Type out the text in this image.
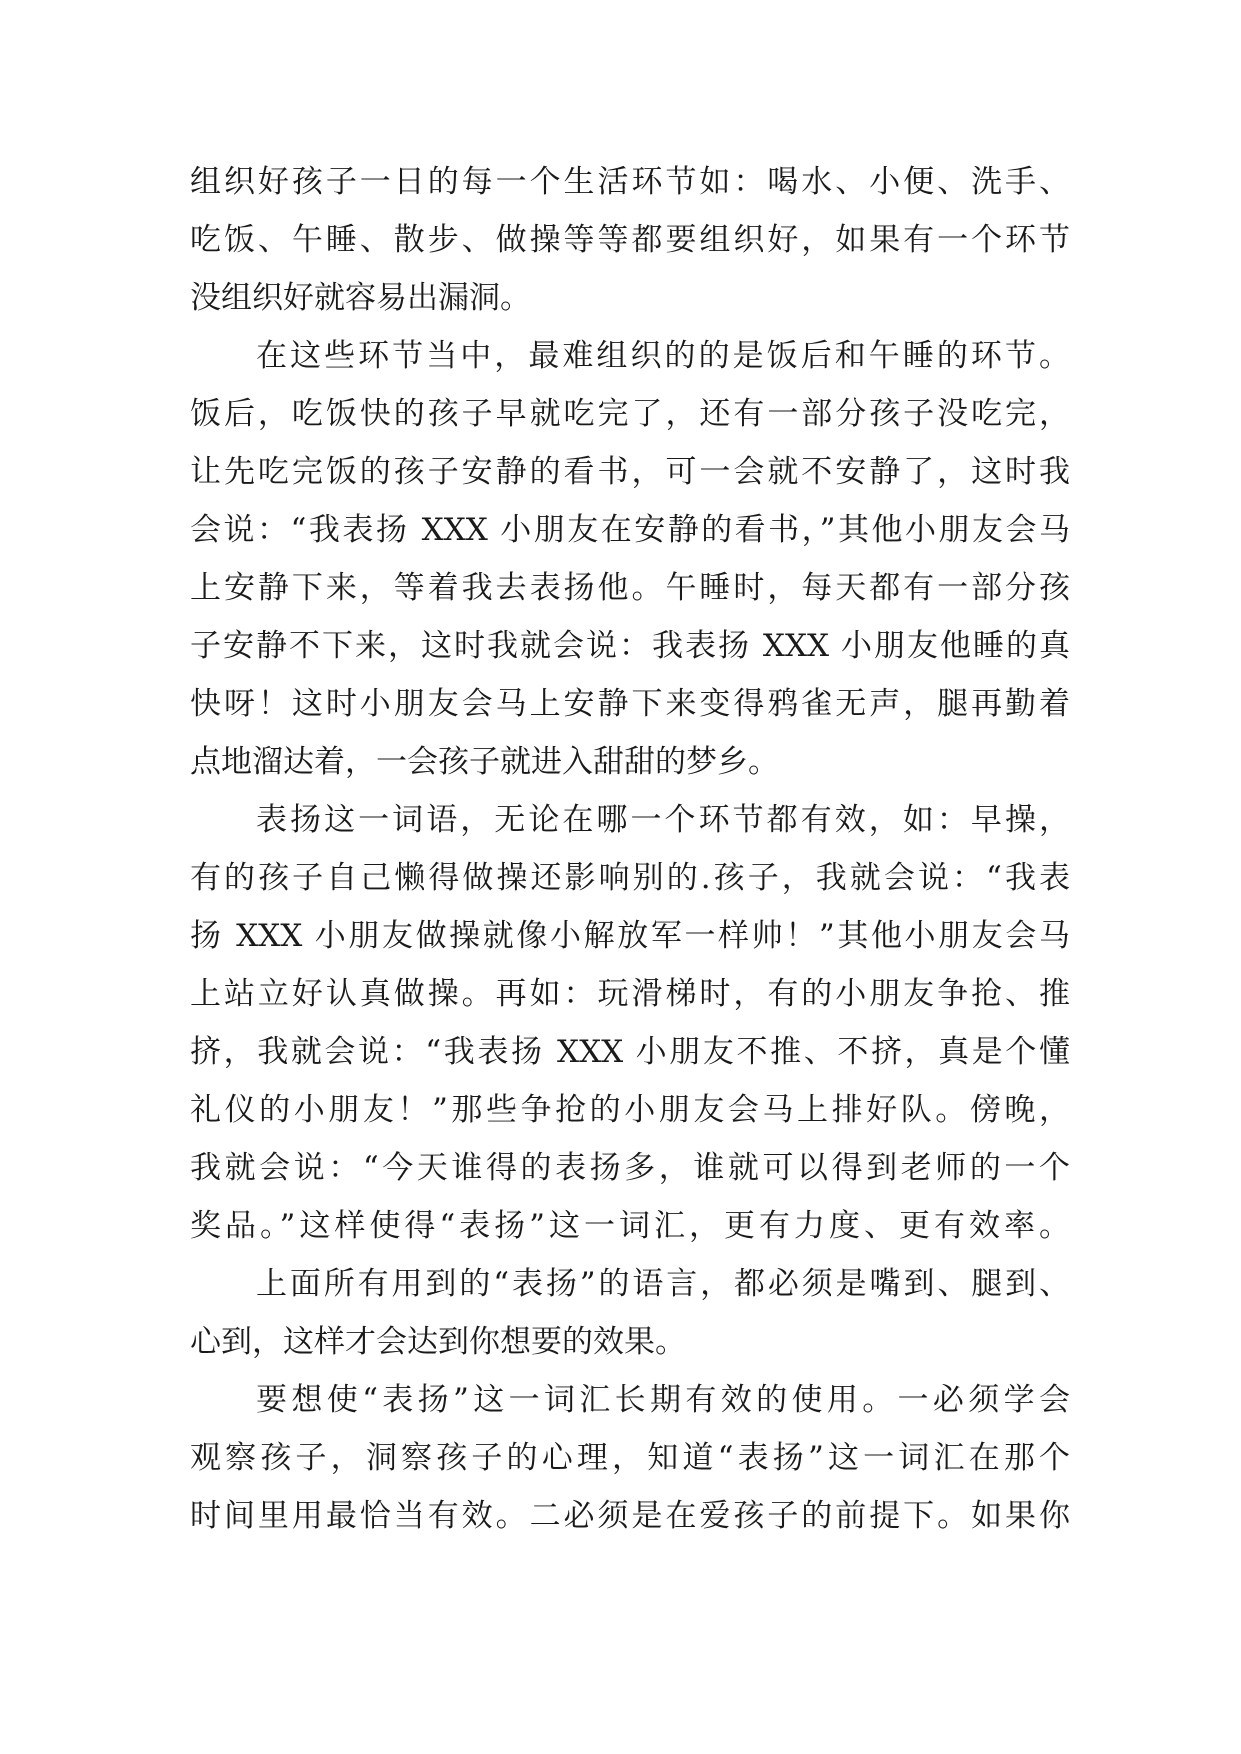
组织好孩子一日的每一个生活环节如：喝水、小便、洗手、
吃饭、午睡、散步、做操等等都要组织好，如果有一个环节
没组织好就容易出漏洞。
在这些环节当中，最难组织的的是饭后和午睡的环节。
饭后，吃饭快的孩子早就吃完了，还有一部分孩子没吃完，
让先吃完饭的孩子安静的看书，可一会就不安静了，这时我
会说：“我表扬 XXX 小朋友在安静的看书，”其他小朋友会马
上安静下来，等着我去表扬他。午睡时，每天都有一部分孩
子安静不下来，这时我就会说：我表扬 XXX 小朋友他睡的真
快呀！这时小朋友会马上安静下来变得鸦雀无声，腿再勤着
点地溜达着，一会孩子就进入甜甜的梦乡。
表扬这一词语，无论在哪一个环节都有效，如：早操，
有的孩子自己懒得做操还影响别的.孩子，我就会说：“我表
扬 XXX 小朋友做操就像小解放军一样帅！”其他小朋友会马
上站立好认真做操。再如：玩滑梯时，有的小朋友争抢、推
挤，我就会说：“我表扬 XXX 小朋友不推、不挤，真是个懂
礼仪的小朋友！”那些争抢的小朋友会马上排好队。傍晚，
我就会说：“今天谁得的表扬多，谁就可以得到老师的一个
奖品。”这样使得“表扬”这一词汇，更有力度、更有效率。
上面所有用到的“表扬”的语言，都必须是嘴到、腿到、
心到，这样才会达到你想要的效果。
要想使“表扬”这一词汇长期有效的使用。一必须学会
观察孩子，洞察孩子的心理，知道“表扬”这一词汇在那个
时间里用最恰当有效。二必须是在爱孩子的前提下。如果你
